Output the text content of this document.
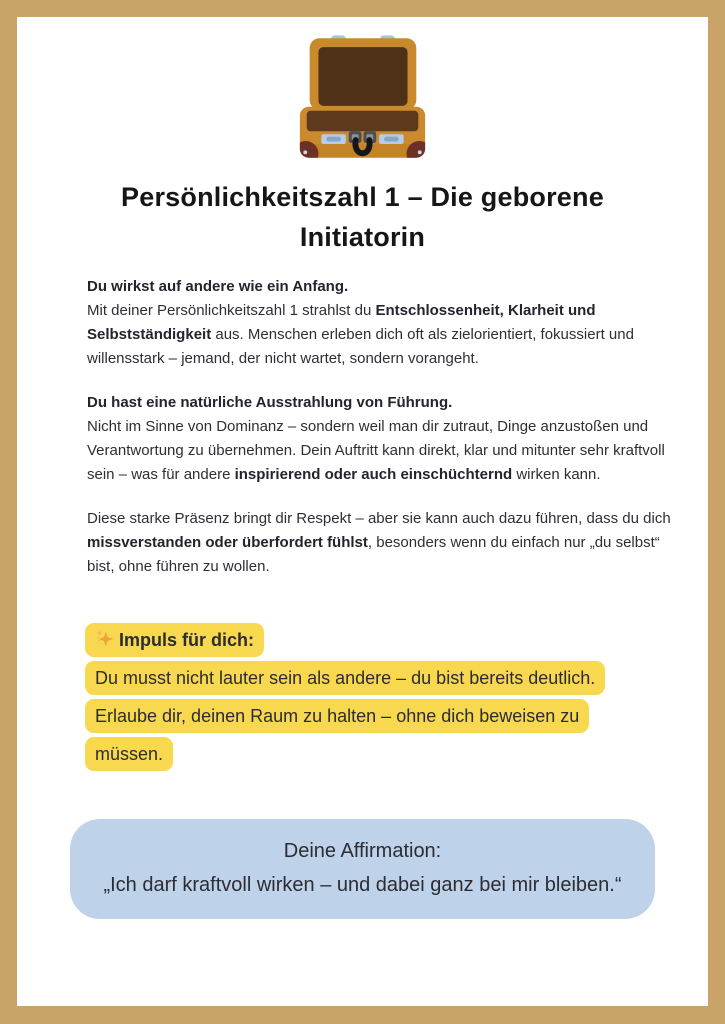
Persönlichkeitszahl 1 – Die geborene Initiatorin

Du wirkst auf andere wie ein Anfang.
Mit deiner Persönlichkeitszahl 1 strahlst du Entschlossenheit, Klarheit und Selbstständigkeit aus. Menschen erleben dich oft als zielorientiert, fokussiert und willensstark – jemand, der nicht wartet, sondern vorangeht.

Du hast eine natürliche Ausstrahlung von Führung.
Nicht im Sinne von Dominanz – sondern weil man dir zutraut, Dinge anzustoßen und Verantwortung zu übernehmen. Dein Auftritt kann direkt, klar und mitunter sehr kraftvoll sein – was für andere inspirierend oder auch einschüchternd wirken kann.

Diese starke Präsenz bringt dir Respekt – aber sie kann auch dazu führen, dass du dich missverstanden oder überfordert fühlst, besonders wenn du einfach nur „du selbst“ bist, ohne führen zu wollen.

Impuls für dich:
Du musst nicht lauter sein als andere – du bist bereits deutlich.
Erlaube dir, deinen Raum zu halten – ohne dich beweisen zu müssen.
Deine Affirmation:
„Ich darf kraftvoll wirken – und dabei ganz bei mir bleiben.“
